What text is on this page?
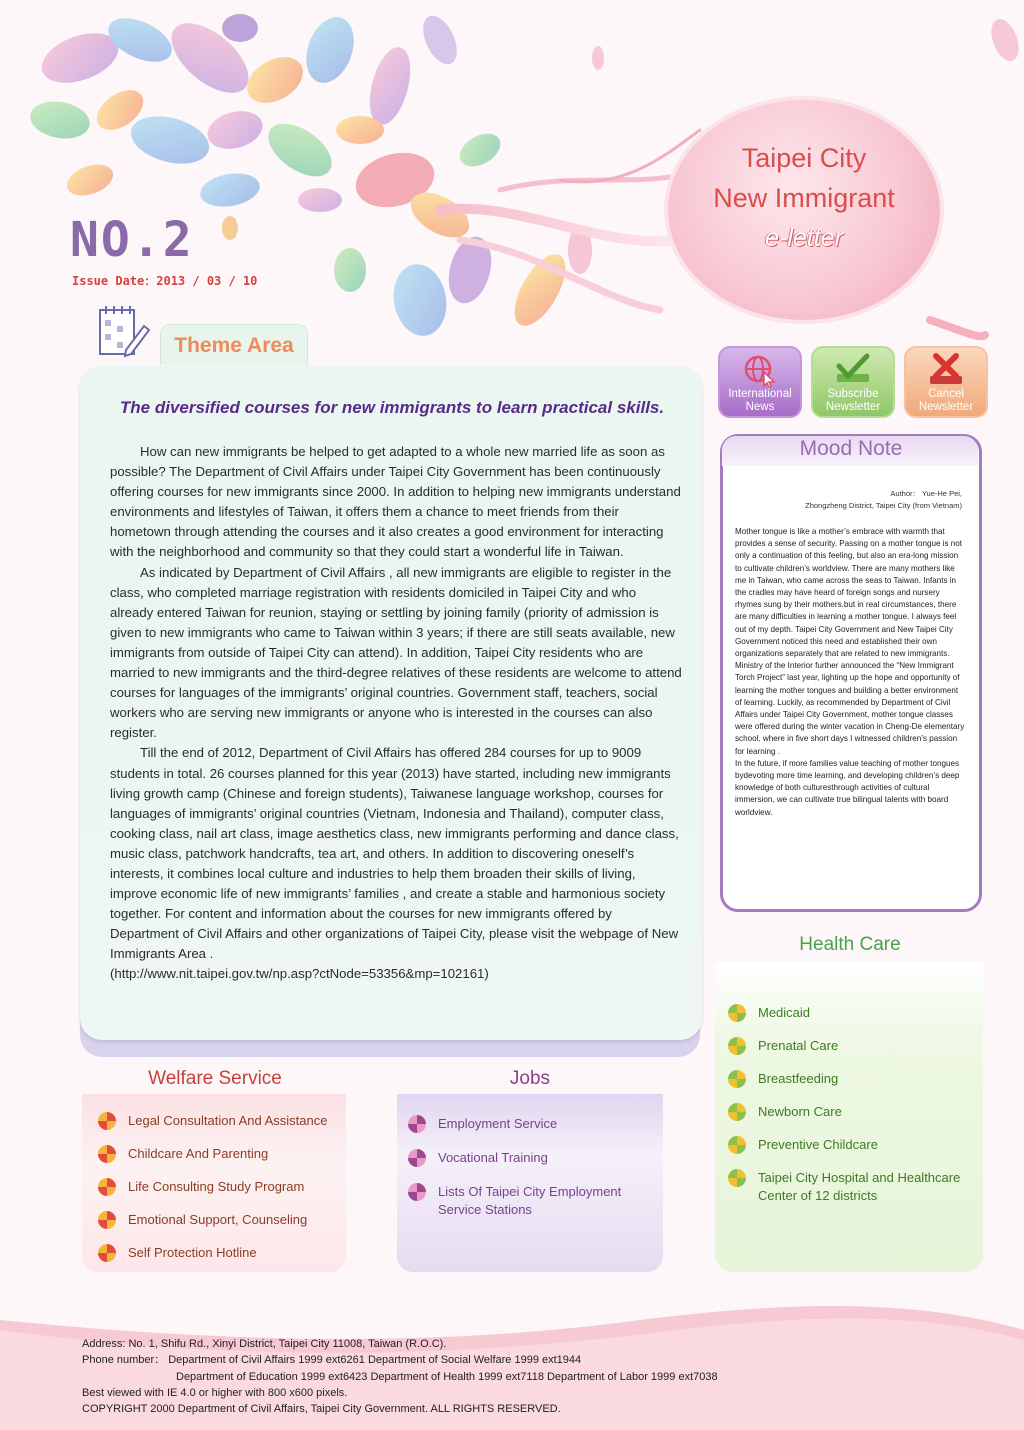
NO.2
Issue Date：2013 / 03 / 10
Taipei City
New Immigrant
e-letter
Theme Area
The diversified courses for new immigrants to learn practical skills.

How can new immigrants be helped to get adapted to a whole new married life as soon as possible? The Department of Civil Affairs under Taipei City Government has been continuously offering courses for new immigrants since 2000. In addition to helping new immigrants understand environments and lifestyles of Taiwan, it offers them a chance to meet friends from their hometown through attending the courses and it also creates a good environment for interacting with the neighborhood and community so that they could start a wonderful life in Taiwan.

As indicated by Department of Civil Affairs , all new immigrants are eligible to register in the class, who completed marriage registration with residents domiciled in Taipei City and who already entered Taiwan for reunion, staying or settling by joining family (priority of admission is given to new immigrants who came to Taiwan within 3 years; if there are still seats available, new immigrants from outside of Taipei City can attend). In addition, Taipei City residents who are married to new immigrants and the third-degree relatives of these residents are welcome to attend courses for languages of the immigrants’ original countries. Government staff, teachers, social workers who are serving new immigrants or anyone who is interested in the courses can also register.

Till the end of 2012, Department of Civil Affairs has offered 284 courses for up to 9009 students in total. 26 courses planned for this year (2013) have started, including new immigrants living growth camp (Chinese and foreign students), Taiwanese language workshop, courses for languages of immigrants’ original countries (Vietnam, Indonesia and Thailand), computer class, cooking class, nail art class, image aesthetics class, new immigrants performing and dance class, music class, patchwork handcrafts, tea art, and others. In addition to discovering oneself’s interests, it combines local culture and industries to help them broaden their skills of living, improve economic life of new immigrants’ families , and create a stable and harmonious society together. For content and information about the courses for new immigrants offered by Department of Civil Affairs and other organizations of Taipei City, please visit the webpage of New Immigrants Area .

(http://www.nit.taipei.gov.tw/np.asp?ctNode=53356&mp=102161)

International
News
Subscribe
Newsletter
Cancel
Newsletter
Mood Note
Author： Yue-He Pei,
Zhongzheng District, Taipei City (from Vietnam)

Mother tongue is like a mother’s embrace with warmth that provides a sense of security. Passing on a mother tongue is not only a continuation of this feeling, but also an era-long mission to cultivate children’s worldview. There are many mothers like me in Taiwan, who came across the seas to Taiwan. Infants in the cradles may have heard of foreign songs and nursery rhymes sung by their mothers.but in real circumstances, there are many difficulties in learning a mother tongue. I always feel out of my depth. Taipei City Government and New Taipei City Government noticed this need and established their own organizations separately that are related to new immigrants. Ministry of the Interior further announced the “New Immigrant Torch Project” last year, lighting up the hope and opportunity of learning the mother tongues and building a better environment of learning. Luckily, as recommended by Department of Civil Affairs under Taipei City Government, mother tongue classes were offered during the winter vacation in Cheng-De elementary school, where in five short days I witnessed children’s passion for learning .

In the future, if more families value teaching of mother tongues bydevoting more time learning, and developing children’s deep knowledge of both culturesthrough activities of cultural immersion, we can cultivate true bilingual talents with board worldview.

Health Care
Medicaid
Prenatal Care
Breastfeeding
Newborn Care
Preventive Childcare
Taipei City Hospital and Healthcare Center of 12 districts
Welfare Service
Legal Consultation And Assistance
Childcare And Parenting
Life Consulting Study Program
Emotional Support, Counseling
Self Protection Hotline
Jobs
Employment Service
Vocational Training
Lists Of Taipei City Employment Service Stations
Address: No. 1, Shifu Rd., Xinyi District, Taipei City 11008, Taiwan (R.O.C).
Phone number： Department of Civil Affairs 1999 ext6261 Department of Social Welfare 1999 ext1944
Department of Education 1999 ext6423 Department of Health 1999 ext7118 Department of Labor 1999 ext7038
Best viewed with IE 4.0 or higher with 800 x600 pixels.
COPYRIGHT 2000 Department of Civil Affairs, Taipei City Government. ALL RIGHTS RESERVED.
